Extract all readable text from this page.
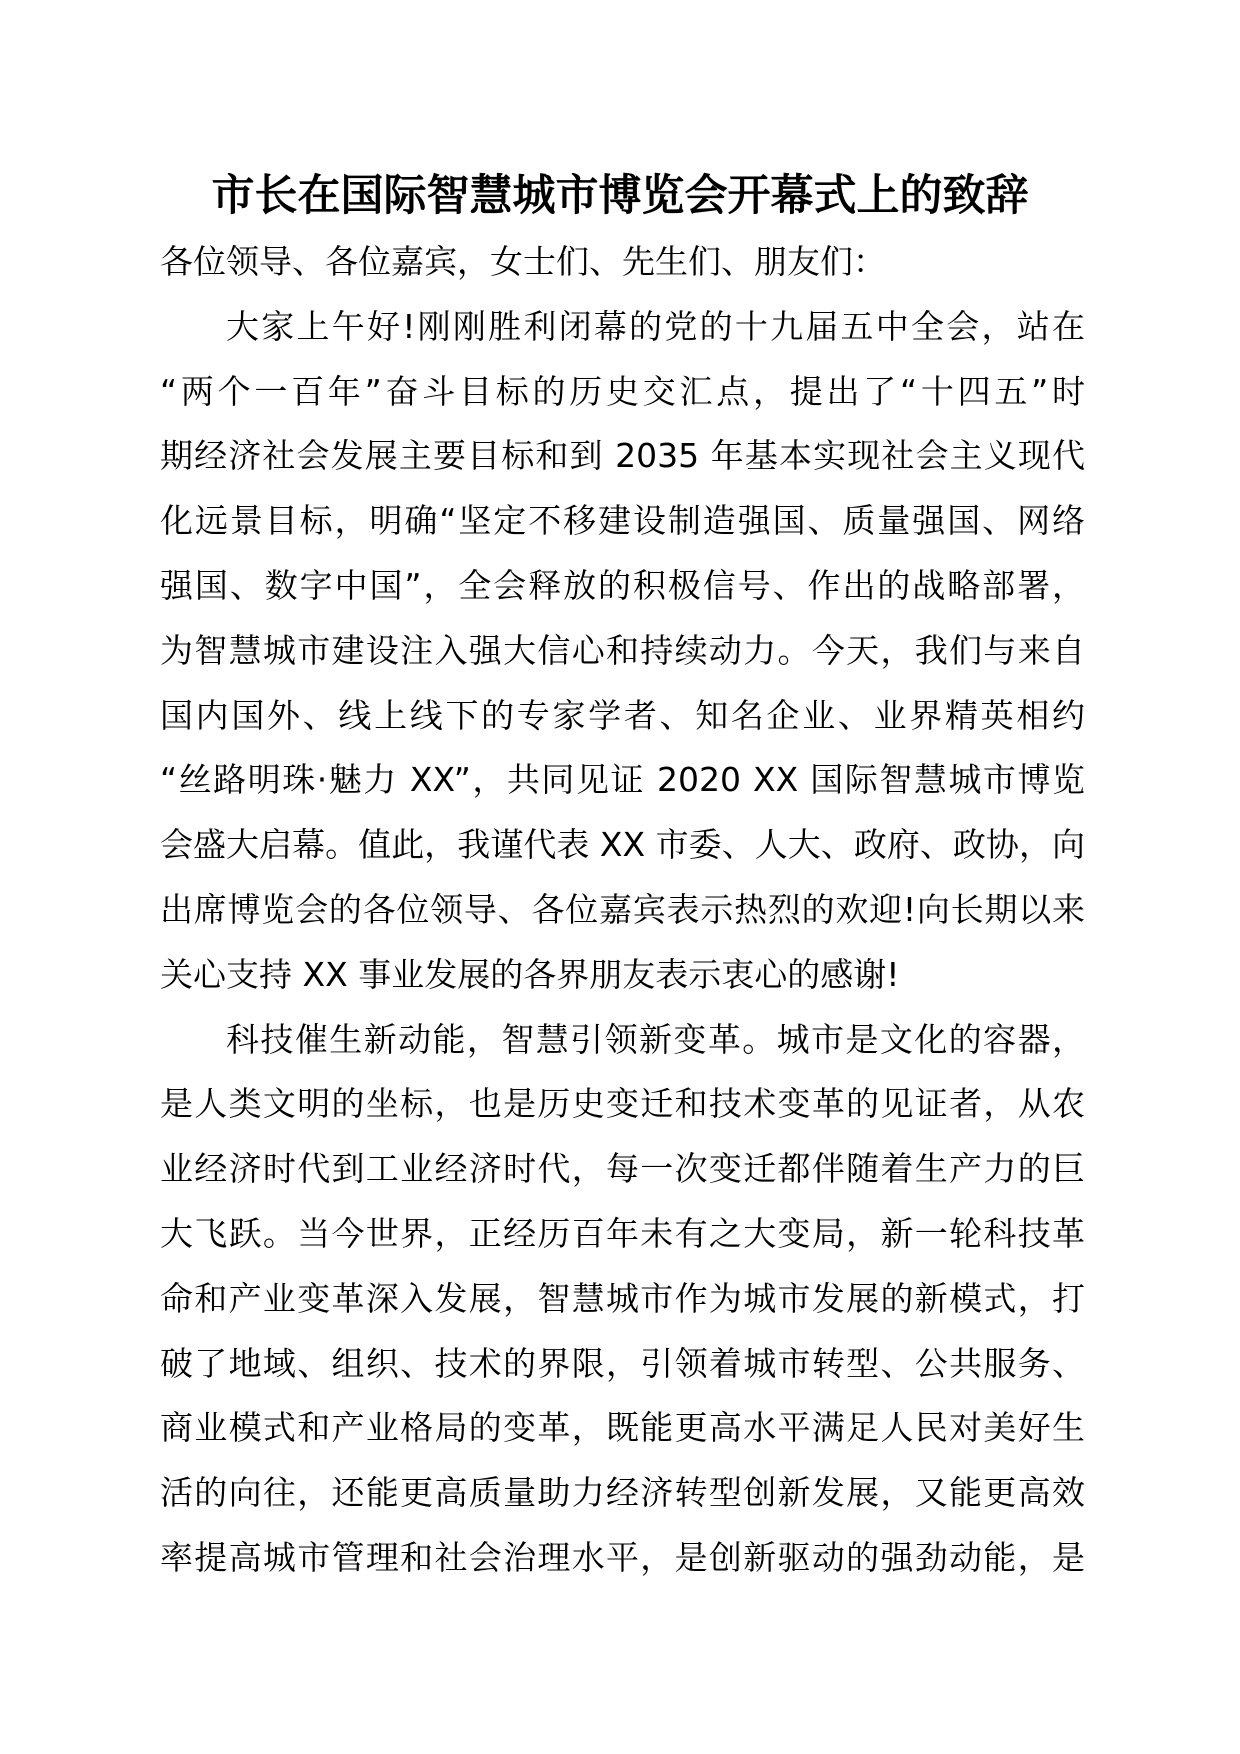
市长在国际智慧城市博览会开幕式上的致辞
各位领导、各位嘉宾，女士们、先生们、朋友们：
大家上午好!刚刚胜利闭幕的党的十九届五中全会，站在
“两个一百年”奋斗目标的历史交汇点，提出了“十四五”时
期经济社会发展主要目标和到 2035 年基本实现社会主义现代
化远景目标，明确“坚定不移建设制造强国、质量强国、网络
强国、数字中国”，全会释放的积极信号、作出的战略部署，
为智慧城市建设注入强大信心和持续动力。今天，我们与来自
国内国外、线上线下的专家学者、知名企业、业界精英相约
“丝路明珠·魅力 XX”，共同见证 2020 XX 国际智慧城市博览
会盛大启幕。值此，我谨代表 XX 市委、人大、政府、政协，向
出席博览会的各位领导、各位嘉宾表示热烈的欢迎!向长期以来
关心支持 XX 事业发展的各界朋友表示衷心的感谢!
科技催生新动能，智慧引领新变革。城市是文化的容器，
是人类文明的坐标，也是历史变迁和技术变革的见证者，从农
业经济时代到工业经济时代，每一次变迁都伴随着生产力的巨
大飞跃。当今世界，正经历百年未有之大变局，新一轮科技革
命和产业变革深入发展，智慧城市作为城市发展的新模式，打
破了地域、组织、技术的界限，引领着城市转型、公共服务、
商业模式和产业格局的变革，既能更高水平满足人民对美好生
活的向往，还能更高质量助力经济转型创新发展，又能更高效
率提高城市管理和社会治理水平，是创新驱动的强劲动能，是
